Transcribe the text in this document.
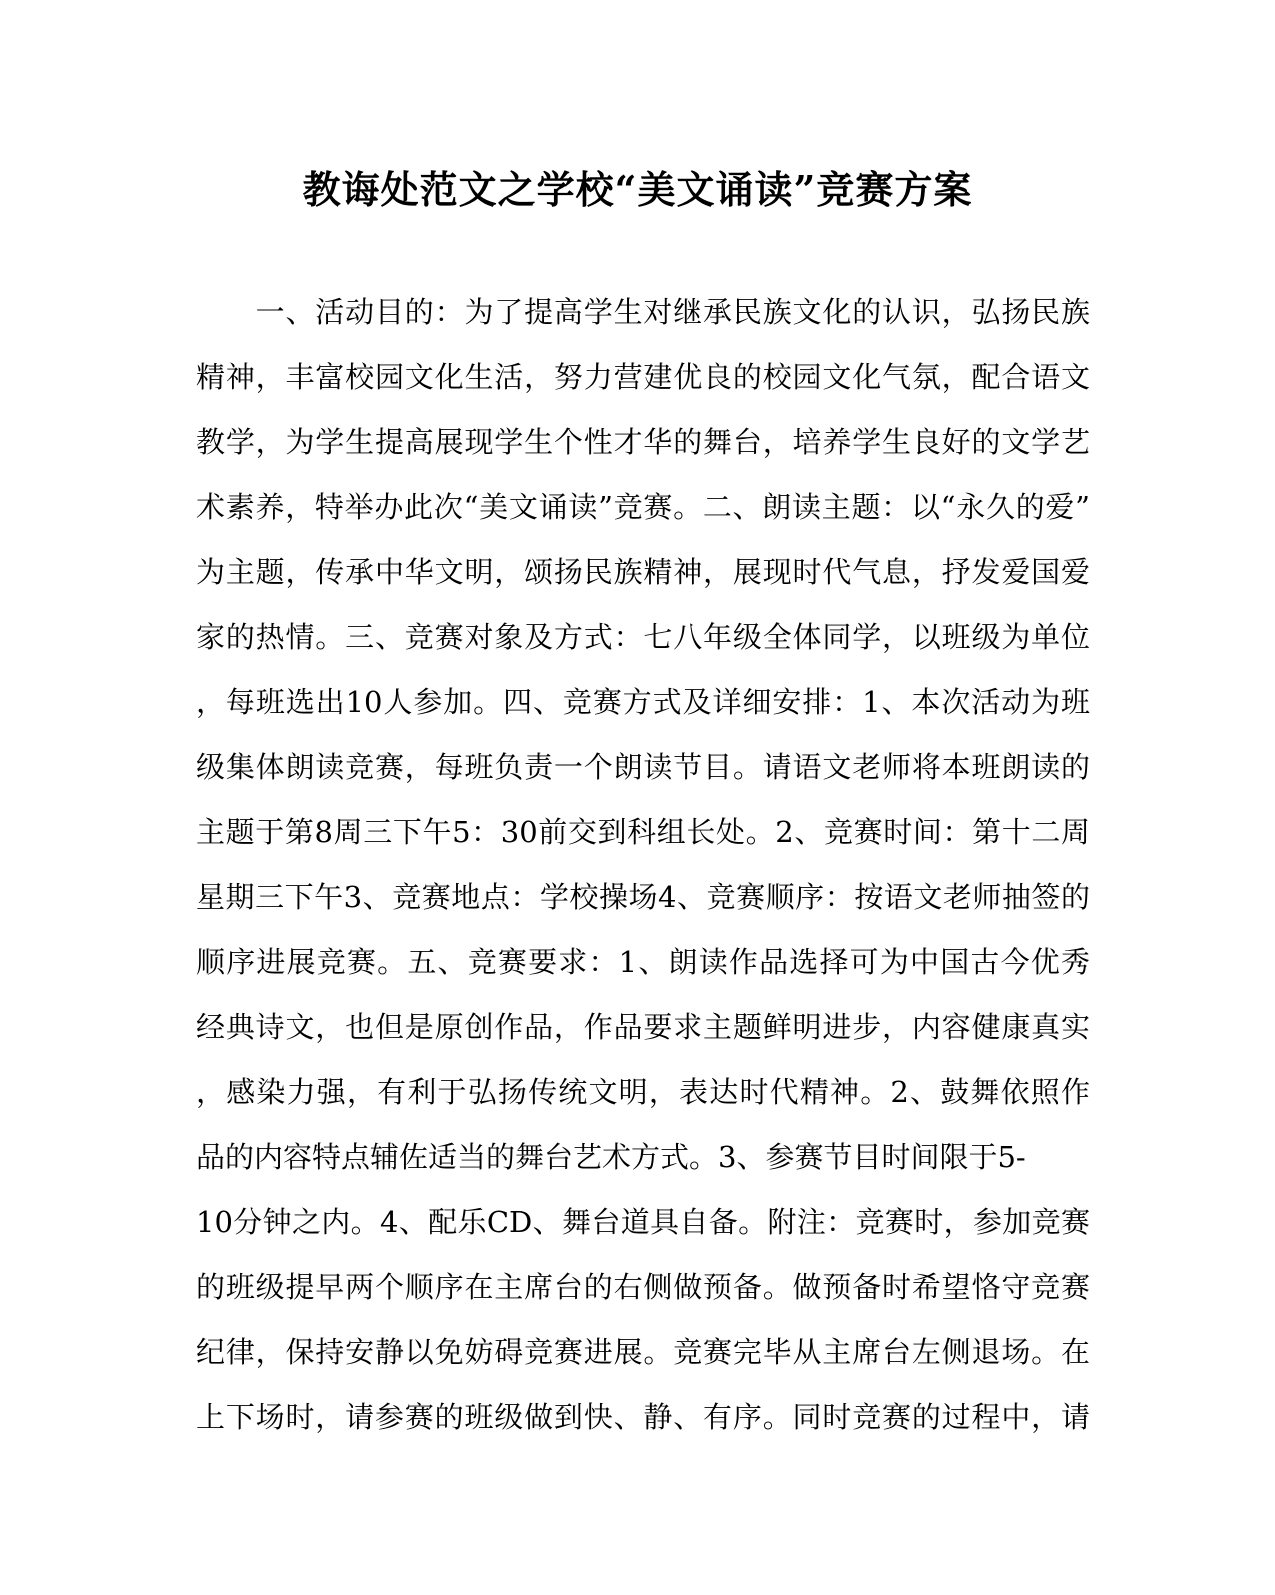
教诲处范文之学校“美文诵读”竞赛方案
　　一、活动目的：为了提高学生对继承民族文化的认识，弘扬民族
精神，丰富校园文化生活，努力营建优良的校园文化气氛，配合语文
教学，为学生提高展现学生个性才华的舞台，培养学生良好的文学艺
术素养，特举办此次“美文诵读”竞赛。二、朗读主题：以“永久的爱”
为主题，传承中华文明，颂扬民族精神，展现时代气息，抒发爱国爱
家的热情。三、竞赛对象及方式：七八年级全体同学，以班级为单位
，每班选出10人参加。四、竞赛方式及详细安排：1、本次活动为班
级集体朗读竞赛，每班负责一个朗读节目。请语文老师将本班朗读的
主题于第8周三下午5：30前交到科组长处。2、竞赛时间：第十二周
星期三下午3、竞赛地点：学校操场4、竞赛顺序：按语文老师抽签的
顺序进展竞赛。五、竞赛要求：1、朗读作品选择可为中国古今优秀
经典诗文，也但是原创作品，作品要求主题鲜明进步，内容健康真实
，感染力强，有利于弘扬传统文明，表达时代精神。2、鼓舞依照作
品的内容特点辅佐适当的舞台艺术方式。3、参赛节目时间限于5-
10分钟之内。4、配乐CD、舞台道具自备。附注：竞赛时，参加竞赛
的班级提早两个顺序在主席台的右侧做预备。做预备时希望恪守竞赛
纪律，保持安静以免妨碍竞赛进展。竞赛完毕从主席台左侧退场。在
上下场时，请参赛的班级做到快、静、有序。同时竞赛的过程中，请
